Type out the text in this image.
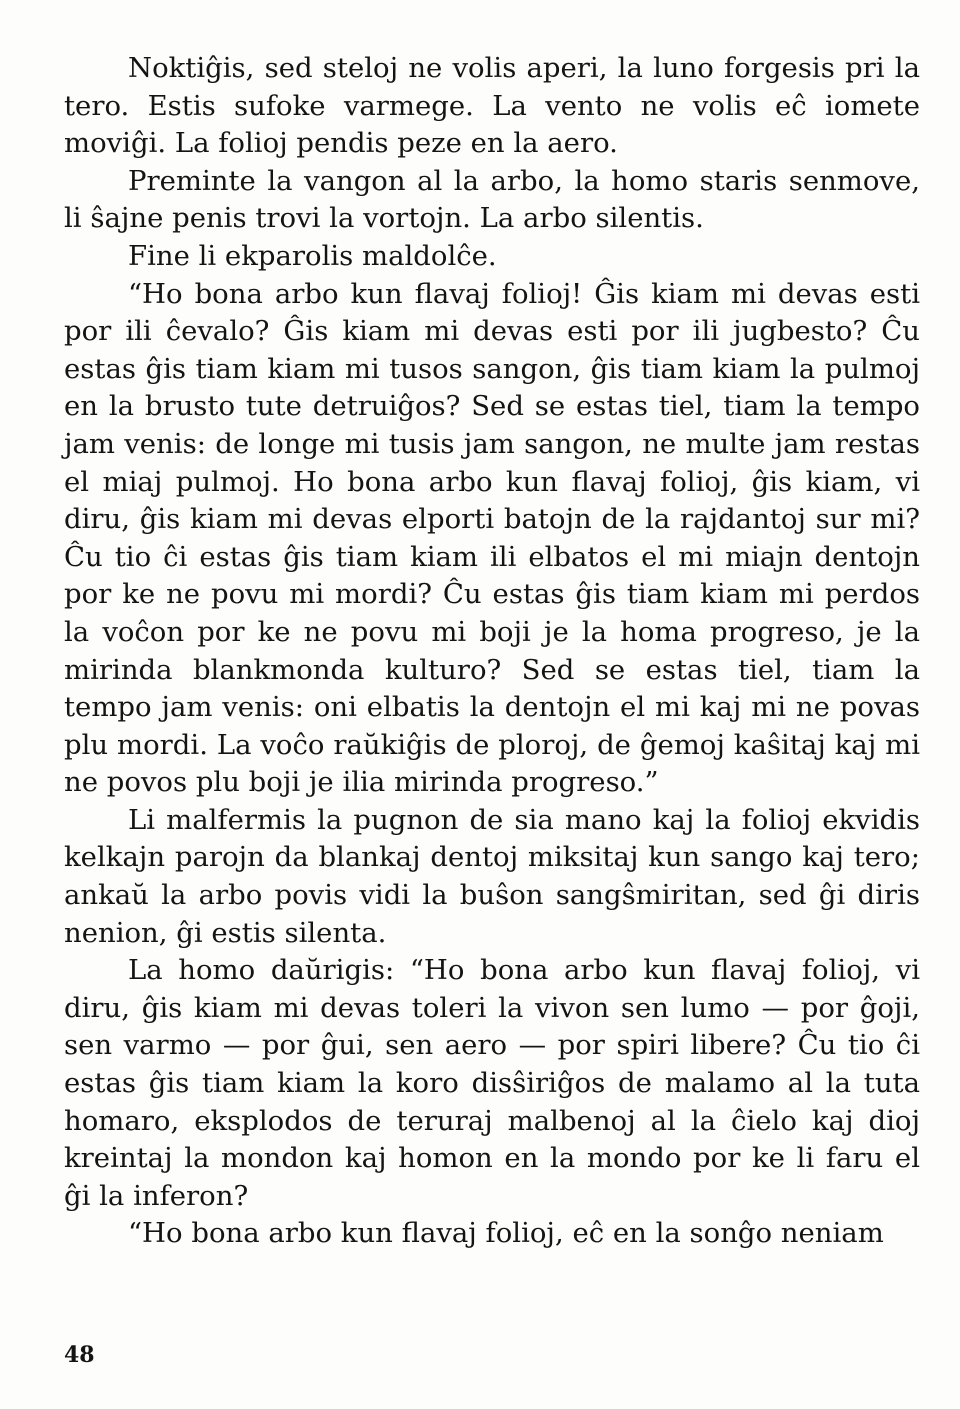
Noktiĝis, sed steloj ne volis aperi, la luno forgesis pri la tero. Estis sufoke varmege. La vento ne volis eĉ iomete moviĝi. La folioj pendis peze en la aero.

Preminte la vangon al la arbo, la homo staris senmove, li ŝajne penis trovi la vortojn. La arbo silentis.

Fine li ekparolis maldolĉe.

“Ho bona arbo kun flavaj folioj! Ĝis kiam mi devas esti por ili ĉevalo? Ĝis kiam mi devas esti por ili jugbesto? Ĉu estas ĝis tiam kiam mi tusos sangon, ĝis tiam kiam la pulmoj en la brusto tute detruiĝos? Sed se estas tiel, tiam la tempo jam venis: de longe mi tusis jam sangon, ne multe jam restas el miaj pulmoj. Ho bona arbo kun flavaj folioj, ĝis kiam, vi diru, ĝis kiam mi devas elporti batojn de la rajdantoj sur mi? Ĉu tio ĉi estas ĝis tiam kiam ili elbatos el mi miajn dentojn por ke ne povu mi mordi? Ĉu estas ĝis tiam kiam mi perdos la voĉon por ke ne povu mi boji je la homa progreso, je la mirinda blankmonda kulturo? Sed se estas tiel, tiam la tempo jam venis: oni elbatis la dentojn el mi kaj mi ne povas plu mordi. La voĉo raŭkiĝis de ploroj, de ĝemoj kaŝitaj kaj mi ne povos plu boji je ilia mirinda progreso.”

Li malfermis la pugnon de sia mano kaj la folioj ekvidis kelkajn parojn da blankaj dentoj miksitaj kun sango kaj tero; ankaŭ la arbo povis vidi la buŝon sangŝmiritan, sed ĝi diris nenion, ĝi estis silenta.

La homo daŭrigis: “Ho bona arbo kun flavaj folioj, vi diru, ĝis kiam mi devas toleri la vivon sen lumo — por ĝoji, sen varmo — por ĝui, sen aero — por spiri libere? Ĉu tio ĉi estas ĝis tiam kiam la koro disŝiriĝos de malamo al la tuta homaro, eksplodos de teruraj malbenoj al la ĉielo kaj dioj kreintaj la mondon kaj homon en la mondo por ke li faru el ĝi la inferon?

“Ho bona arbo kun flavaj folioj, eĉ en la sonĝo neniam

48
